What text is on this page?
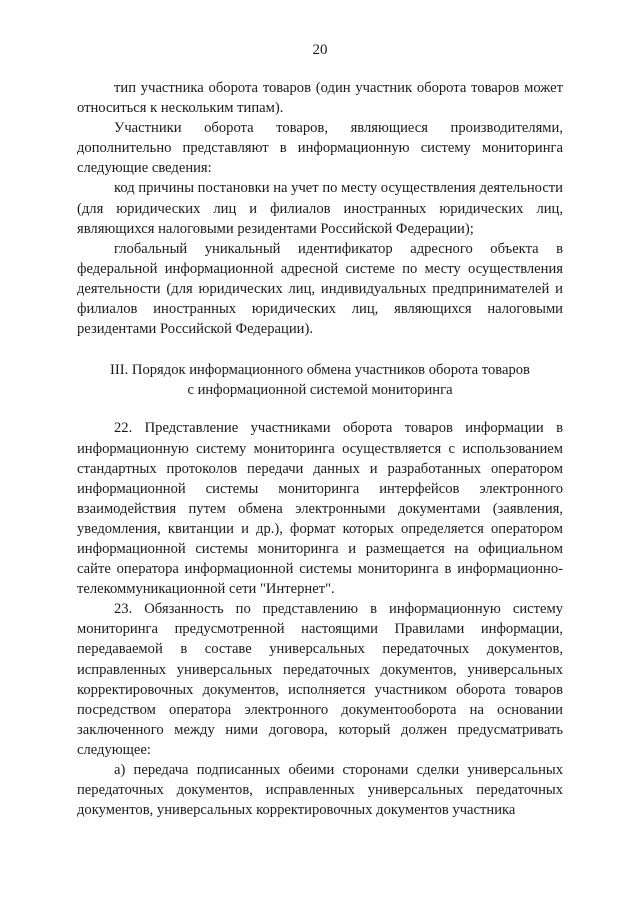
20

тип участника оборота товаров (один участник оборота товаров может относиться к нескольким типам).

Участники оборота товаров, являющиеся производителями, дополнительно представляют в информационную систему мониторинга следующие сведения:

код причины постановки на учет по месту осуществления деятельности (для юридических лиц и филиалов иностранных юридических лиц, являющихся налоговыми резидентами Российской Федерации);

глобальный уникальный идентификатор адресного объекта в федеральной информационной адресной системе по месту осуществления деятельности (для юридических лиц, индивидуальных предпринимателей и филиалов иностранных юридических лиц, являющихся налоговыми резидентами Российской Федерации).

III. Порядок информационного обмена участников оборота товаров
с информационной системой мониторинга

22. Представление участниками оборота товаров информации в информационную систему мониторинга осуществляется с использованием стандартных протоколов передачи данных и разработанных оператором информационной системы мониторинга интерфейсов электронного взаимодействия путем обмена электронными документами (заявления, уведомления, квитанции и др.), формат которых определяется оператором информационной системы мониторинга и размещается на официальном сайте оператора информационной системы мониторинга в информационно-телекоммуникационной сети "Интернет".

23. Обязанность по представлению в информационную систему мониторинга предусмотренной настоящими Правилами информации, передаваемой в составе универсальных передаточных документов, исправленных универсальных передаточных документов, универсальных корректировочных документов, исполняется участником оборота товаров посредством оператора электронного документооборота на основании заключенного между ними договора, который должен предусматривать следующее:

а) передача подписанных обеими сторонами сделки универсальных передаточных документов, исправленных универсальных передаточных документов, универсальных корректировочных документов участника
